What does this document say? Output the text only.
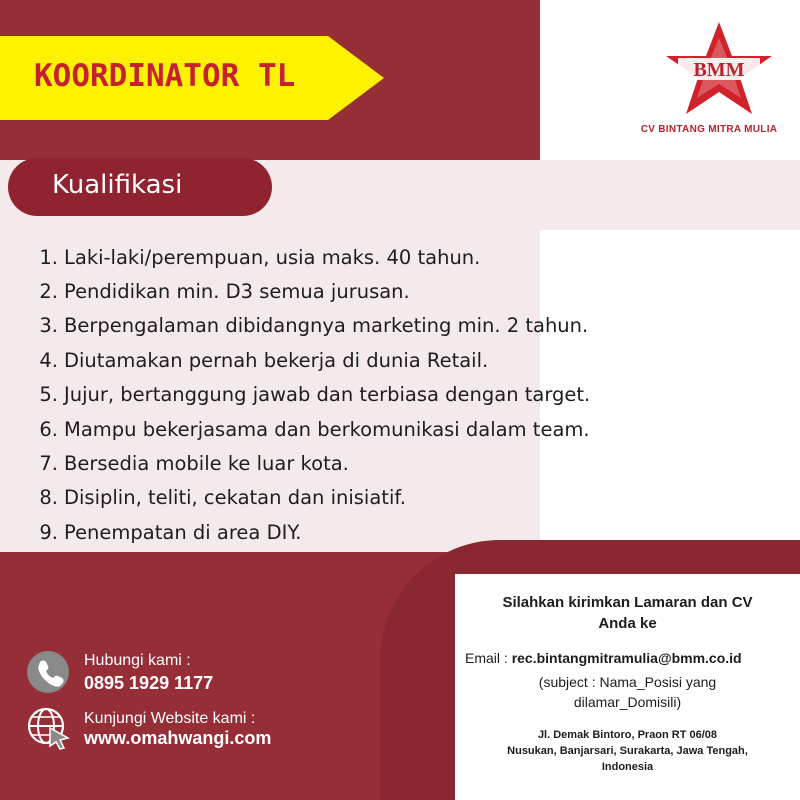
KOORDINATOR TL	BMM
CV BINTANG MITRA MULIA
Kualifikasi
1. Laki-laki/perempuan, usia maks. 40 tahun.
2. Pendidikan min. D3 semua jurusan.
3. Berpengalaman dibidangnya marketing min. 2 tahun.
4. Diutamakan pernah bekerja di dunia Retail.
5. Jujur, bertanggung jawab dan terbiasa dengan target.
6. Mampu bekerjasama dan berkomunikasi dalam team.
7. Bersedia mobile ke luar kota.
8. Disiplin, teliti, cekatan dan inisiatif.
9. Penempatan di area DIY.
Hubungi kami :
0895 1929 1177
Kunjungi Website kami :
www.omahwangi.com
Silahkan kirimkan Lamaran dan CV
Anda ke
Email : rec.bintangmitramulia@bmm.co.id
(subject : Nama_Posisi yang
dilamar_Domisili)
Jl. Demak Bintoro, Praon RT 06/08
Nusukan, Banjarsari, Surakarta, Jawa Tengah,
Indonesia
